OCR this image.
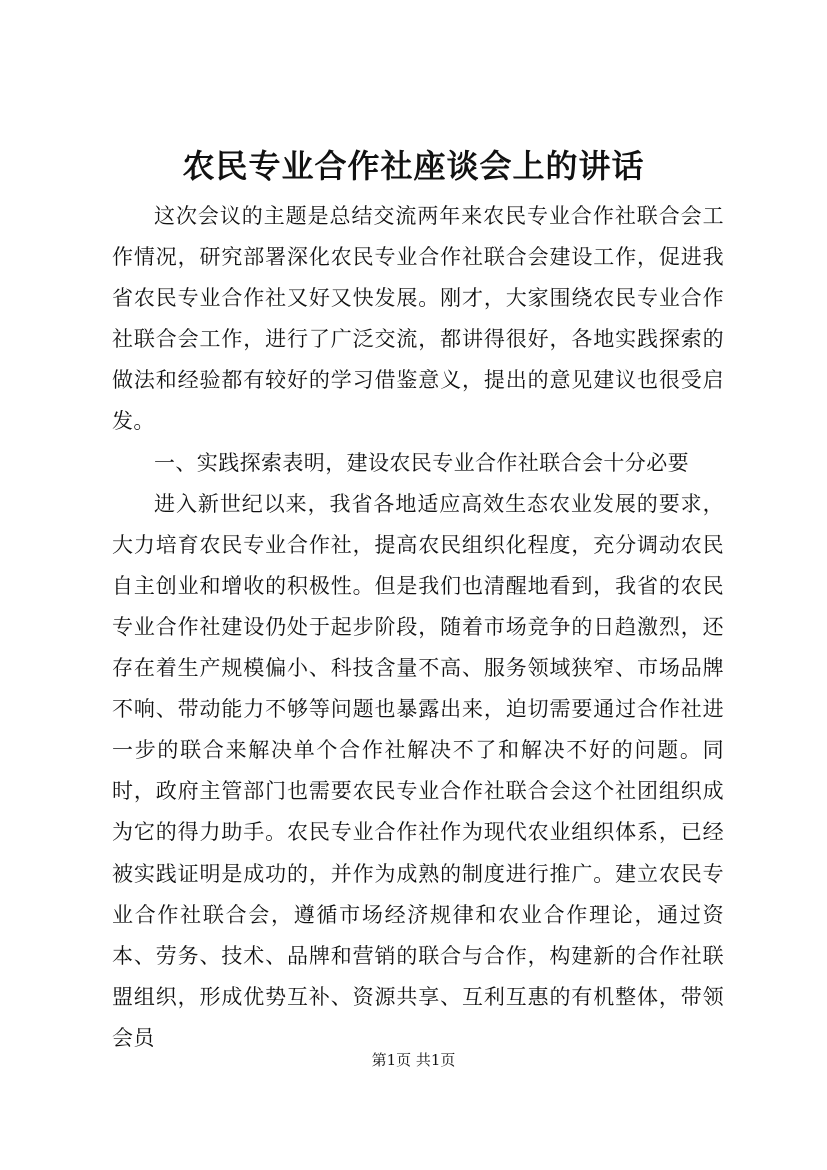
农民专业合作社座谈会上的讲话

这次会议的主题是总结交流两年来农民专业合作社联合会工作情况，研究部署深化农民专业合作社联合会建设工作，促进我省农民专业合作社又好又快发展。刚才，大家围绕农民专业合作社联合会工作，进行了广泛交流，都讲得很好，各地实践探索的做法和经验都有较好的学习借鉴意义，提出的意见建议也很受启发。

一、实践探索表明，建设农民专业合作社联合会十分必要

进入新世纪以来，我省各地适应高效生态农业发展的要求，大力培育农民专业合作社，提高农民组织化程度，充分调动农民自主创业和增收的积极性。但是我们也清醒地看到，我省的农民专业合作社建设仍处于起步阶段，随着市场竞争的日趋激烈，还存在着生产规模偏小、科技含量不高、服务领域狭窄、市场品牌不响、带动能力不够等问题也暴露出来，迫切需要通过合作社进一步的联合来解决单个合作社解决不了和解决不好的问题。同时，政府主管部门也需要农民专业合作社联合会这个社团组织成为它的得力助手。农民专业合作社作为现代农业组织体系，已经被实践证明是成功的，并作为成熟的制度进行推广。建立农民专业合作社联合会，遵循市场经济规律和农业合作理论，通过资本、劳务、技术、品牌和营销的联合与合作，构建新的合作社联盟组织，形成优势互补、资源共享、互利互惠的有机整体，带领会员

第1页 共1页
